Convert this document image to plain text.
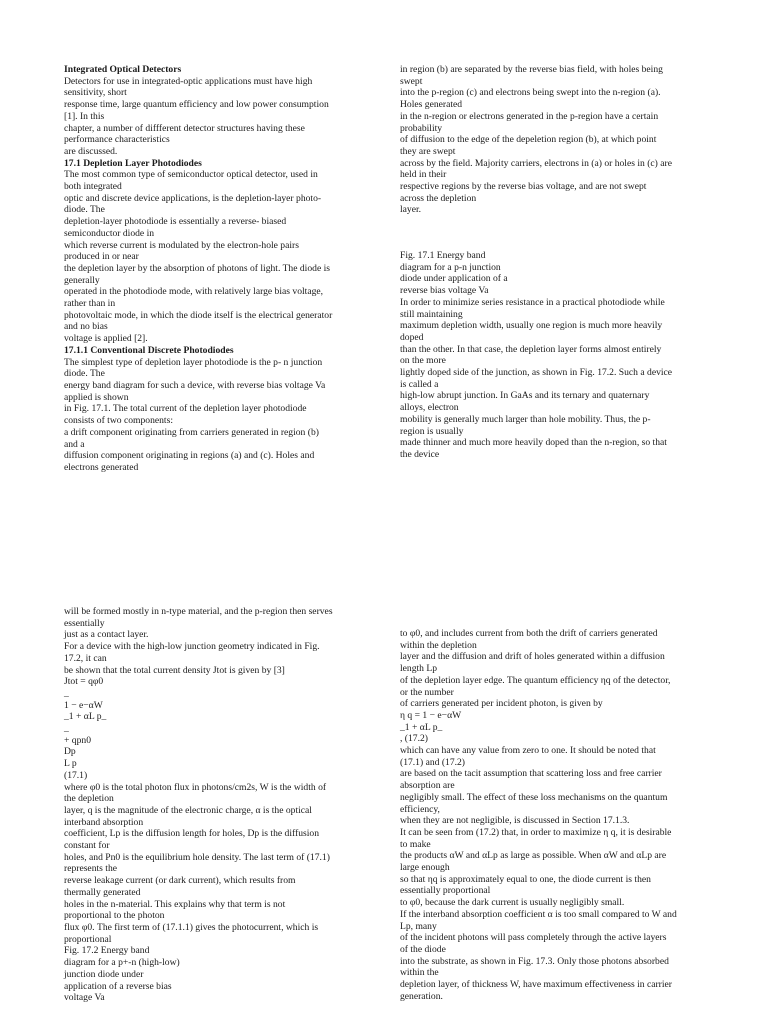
Integrated Optical Detectors
Detectors for use in integrated-optic applications must have high
sensitivity, short
response time, large quantum efficiency and low power consumption
[1]. In this
chapter, a number of diffferent detector structures having these
performance characteristics
are discussed.
17.1 Depletion Layer Photodiodes
The most common type of semiconductor optical detector, used in
both integrated
optic and discrete device applications, is the depletion-layer photo-
diode. The
depletion-layer photodiode is essentially a reverse- biased
semiconductor diode in
which reverse current is modulated by the electron-hole pairs
produced in or near
the depletion layer by the absorption of photons of light. The diode is
generally
operated in the photodiode mode, with relatively large bias voltage,
rather than in
photovoltaic mode, in which the diode itself is the electrical generator
and no bias
voltage is applied [2].
17.1.1 Conventional Discrete Photodiodes
The simplest type of depletion layer photodiode is the p- n junction
diode. The
energy band diagram for such a device, with reverse bias voltage Va
applied is shown
in Fig. 17.1. The total current of the depletion layer photodiode
consists of two components:
a drift component originating from carriers generated in region (b)
and a
diffusion component originating in regions (a) and (c). Holes and
electrons generated
in region (b) are separated by the reverse bias field, with holes being
swept
into the p-region (c) and electrons being swept into the n-region (a).
Holes generated
in the n-region or electrons generated in the p-region have a certain
probability
of diffusion to the edge of the depeletion region (b), at which point
they are swept
across by the field. Majority carriers, electrons in (a) or holes in (c) are
held in their
respective regions by the reverse bias voltage, and are not swept
across the depletion
layer.
Fig. 17.1 Energy band
diagram for a p-n junction
diode under application of a
reverse bias voltage Va
In order to minimize series resistance in a practical photodiode while
still maintaining
maximum depletion width, usually one region is much more heavily
doped
than the other. In that case, the depletion layer forms almost entirely
on the more
lightly doped side of the junction, as shown in Fig. 17.2. Such a device
is called a
high-low abrupt junction. In GaAs and its ternary and quaternary
alloys, electron
mobility is generally much larger than hole mobility. Thus, the p-
region is usually
made thinner and much more heavily doped than the n-region, so that
the device
will be formed mostly in n-type material, and the p-region then serves
essentially
just as a contact layer.
For a device with the high-low junction geometry indicated in Fig.
17.2, it can
be shown that the total current density Jtot is given by [3]
Jtot = qφ0
_
1 − e−αW
_1 + αL p_
_
+ qpn0
Dp
L p
(17.1)
where φ0 is the total photon flux in photons/cm2s, W is the width of
the depletion
layer, q is the magnitude of the electronic charge, α is the optical
interband absorption
coefficient, Lp is the diffusion length for holes, Dp is the diffusion
constant for
holes, and Pn0 is the equilibrium hole density. The last term of (17.1)
represents the
reverse leakage current (or dark current), which results from
thermally generated
holes in the n-material. This explains why that term is not
proportional to the photon
flux φ0. The first term of (17.1.1) gives the photocurrent, which is
proportional
Fig. 17.2 Energy band
diagram for a p+-n (high-low)
junction diode under
application of a reverse bias
voltage Va
to φ0, and includes current from both the drift of carriers generated
within the depletion
layer and the diffusion and drift of holes generated within a diffusion
length Lp
of the depletion layer edge. The quantum efficiency ηq of the detector,
or the number
of carriers generated per incident photon, is given by
η q = 1 − e−αW
_1 + αL p_
, (17.2)
which can have any value from zero to one. It should be noted that
(17.1) and (17.2)
are based on the tacit assumption that scattering loss and free carrier
absorption are
negligibly small. The effect of these loss mechanisms on the quantum
efficiency,
when they are not negligible, is discussed in Section 17.1.3.
It can be seen from (17.2) that, in order to maximize η q, it is desirable
to make
the products αW and αLp as large as possible. When αW and αLp are
large enough
so that ηq is approximately equal to one, the diode current is then
essentially proportional
to φ0, because the dark current is usually negligibly small.
If the interband absorption coefficient α is too small compared to W and
Lp, many
of the incident photons will pass completely through the active layers
of the diode
into the substrate, as shown in Fig. 17.3. Only those photons absorbed
within the
depletion layer, of thickness W, have maximum effectiveness in carrier
generation.
